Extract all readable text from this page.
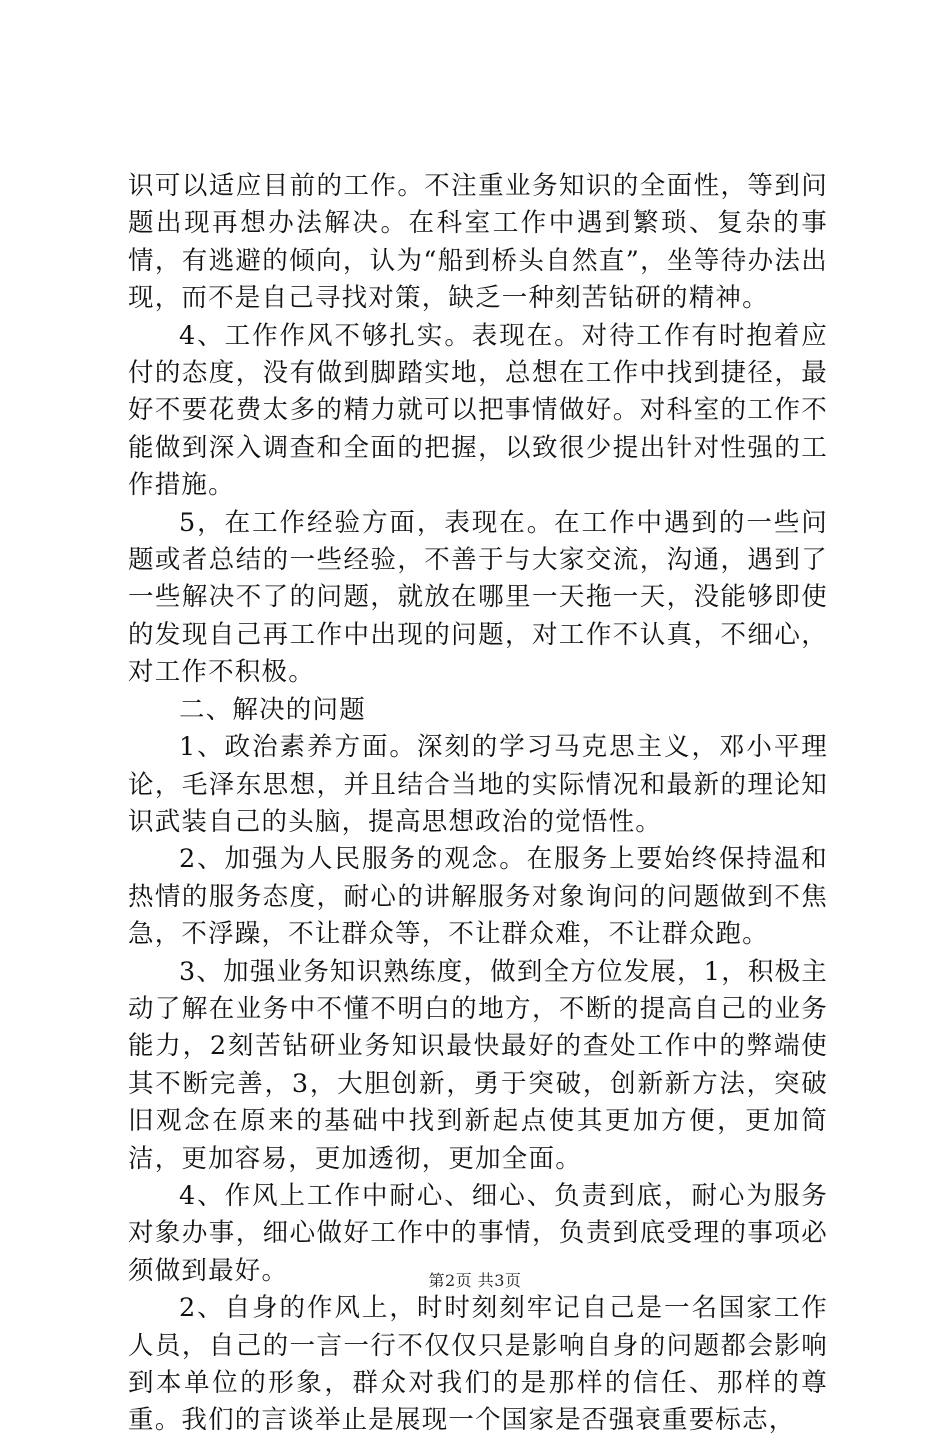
识可以适应目前的工作。不注重业务知识的全面性，等到问题出现再想办法解决。在科室工作中遇到繁琐、复杂的事情，有逃避的倾向，认为“船到桥头自然直”，坐等待办法出现，而不是自己寻找对策，缺乏一种刻苦钻研的精神。

4、工作作风不够扎实。表现在。对待工作有时抱着应付的态度，没有做到脚踏实地，总想在工作中找到捷径，最好不要花费太多的精力就可以把事情做好。对科室的工作不能做到深入调查和全面的把握，以致很少提出针对性强的工作措施。

5，在工作经验方面，表现在。在工作中遇到的一些问题或者总结的一些经验，不善于与大家交流，沟通，遇到了一些解决不了的问题，就放在哪里一天拖一天，没能够即使的发现自己再工作中出现的问题，对工作不认真，不细心，对工作不积极。

二、解决的问题

1、政治素养方面。深刻的学习马克思主义，邓小平理论，毛泽东思想，并且结合当地的实际情况和最新的理论知识武装自己的头脑，提高思想政治的觉悟性。

2、加强为人民服务的观念。在服务上要始终保持温和热情的服务态度，耐心的讲解服务对象询问的问题做到不焦急，不浮躁，不让群众等，不让群众难，不让群众跑。

3、加强业务知识熟练度，做到全方位发展，1，积极主动了解在业务中不懂不明白的地方，不断的提高自己的业务能力，2刻苦钻研业务知识最快最好的查处工作中的弊端使其不断完善，3，大胆创新，勇于突破，创新新方法，突破旧观念在原来的基础中找到新起点使其更加方便，更加简洁，更加容易，更加透彻，更加全面。

4、作风上工作中耐心、细心、负责到底，耐心为服务对象办事，细心做好工作中的事情，负责到底受理的事项必须做到最好。

2、自身的作风上，时时刻刻牢记自己是一名国家工作人员，自己的一言一行不仅仅只是影响自身的问题都会影响到本单位的形象，群众对我们的是那样的信任、那样的尊重。我们的言谈举止是展现一个国家是否强衰重要标志，

第2页 共3页
